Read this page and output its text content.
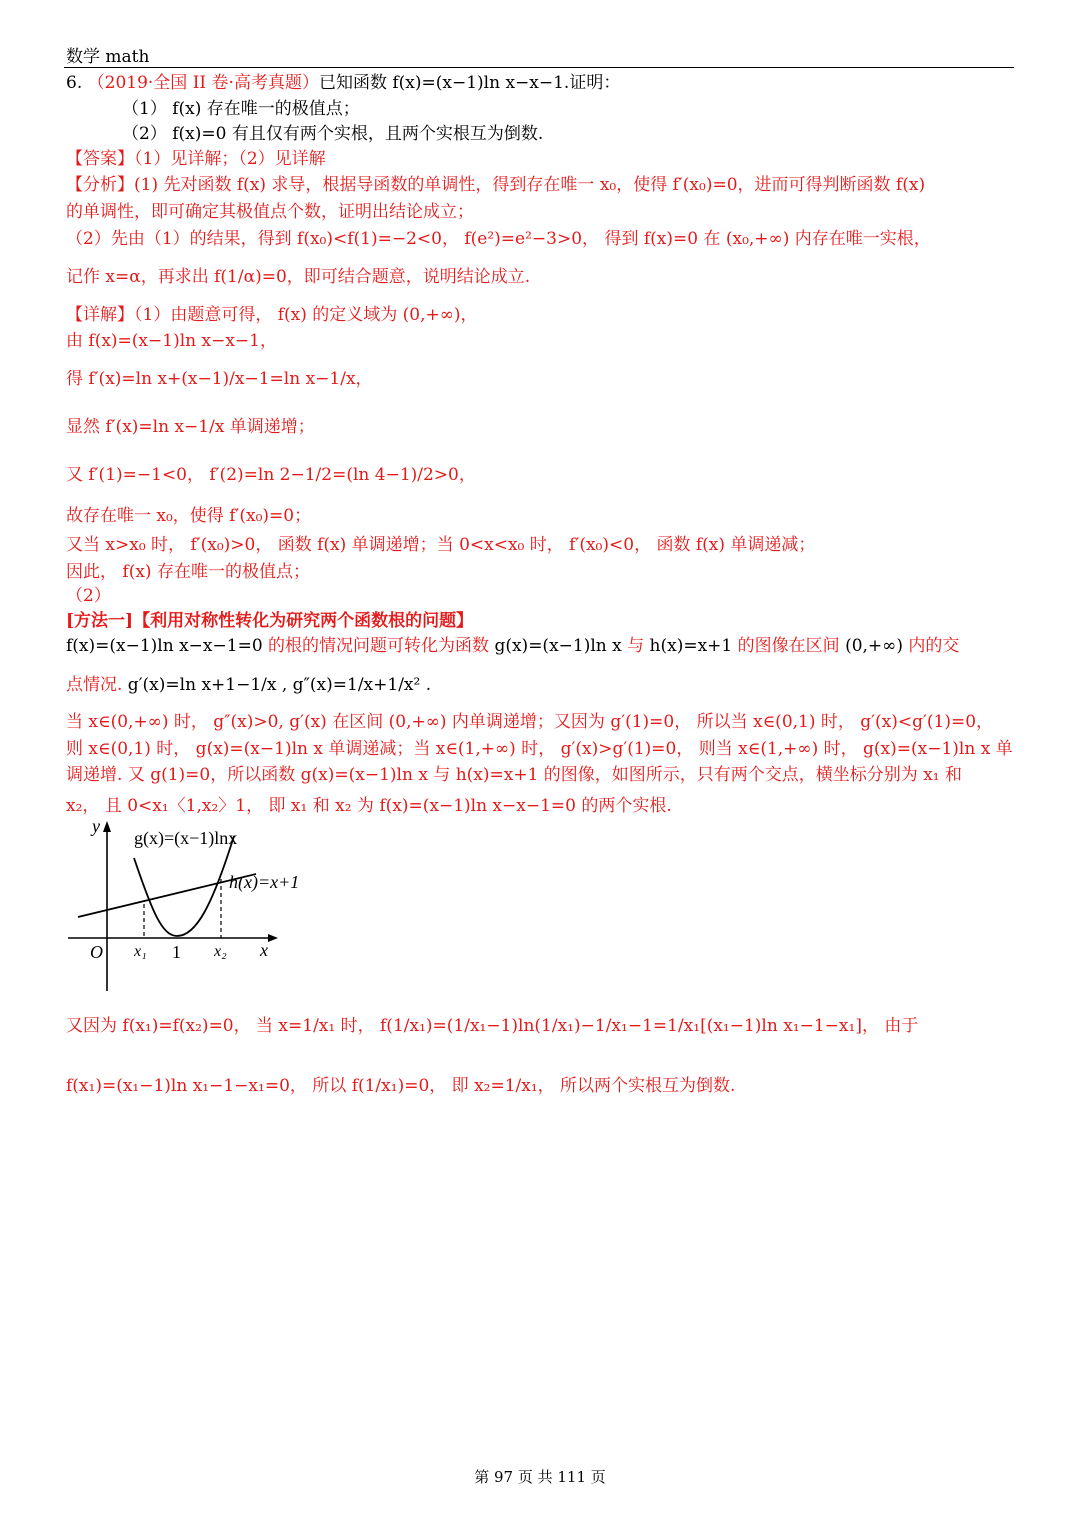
数学 math
6. （2019·全国 II 卷·高考真题）已知函数 f(x)=(x−1)ln x−x−1.证明：
（1） f(x) 存在唯一的极值点；
（2） f(x)=0 有且仅有两个实根，且两个实根互为倒数.
【答案】（1）见详解；（2）见详解
【分析】(1) 先对函数 f(x) 求导，根据导函数的单调性，得到存在唯一 x₀，使得 f′(x₀)=0，进而可得判断函数 f(x)
的单调性，即可确定其极值点个数，证明出结论成立；
（2）先由（1）的结果，得到 f(x₀)<f(1)=−2<0， f(e²)=e²−3>0， 得到 f(x)=0 在 (x₀,+∞) 内存在唯一实根，
记作 x=α，再求出 f(1/α)=0，即可结合题意，说明结论成立.
【详解】（1）由题意可得， f(x) 的定义域为 (0,+∞)，
由 f(x)=(x−1)ln x−x−1，
得 f′(x)=ln x+(x−1)/x−1=ln x−1/x，
显然 f′(x)=ln x−1/x 单调递增；
又 f′(1)=−1<0， f′(2)=ln 2−1/2=(ln 4−1)/2>0，
故存在唯一 x₀，使得 f′(x₀)=0；
又当 x>x₀ 时， f′(x₀)>0， 函数 f(x) 单调递增；当 0<x<x₀ 时， f′(x₀)<0， 函数 f(x) 单调递减；
因此， f(x) 存在唯一的极值点；
（2）
[方法一]【利用对称性转化为研究两个函数根的问题】
f(x)=(x−1)ln x−x−1=0 的根的情况问题可转化为函数 g(x)=(x−1)ln x 与 h(x)=x+1 的图像在区间 (0,+∞) 内的交
点情况. g′(x)=ln x+1−1/x , g″(x)=1/x+1/x² .
当 x∈(0,+∞) 时， g″(x)>0, g′(x) 在区间 (0,+∞) 内单调递增；又因为 g′(1)=0， 所以当 x∈(0,1) 时， g′(x)<g′(1)=0，
则 x∈(0,1) 时， g(x)=(x−1)ln x 单调递减；当 x∈(1,+∞) 时， g′(x)>g′(1)=0， 则当 x∈(1,+∞) 时， g(x)=(x−1)ln x 单
调递增. 又 g(1)=0，所以函数 g(x)=(x−1)ln x 与 h(x)=x+1 的图像，如图所示，只有两个交点，横坐标分别为 x₁ 和
x₂， 且 0<x₁〈1,x₂〉1， 即 x₁ 和 x₂ 为 f(x)=(x−1)ln x−x−1=0 的两个实根.
y
x
O
g(x)=(x−1)lnx
h(x)=x+1
x₁ 1 x₂
又因为 f(x₁)=f(x₂)=0， 当 x=1/x₁ 时， f(1/x₁)=(1/x₁−1)ln(1/x₁)−1/x₁−1=1/x₁[(x₁−1)ln x₁−1−x₁]， 由于
f(x₁)=(x₁−1)ln x₁−1−x₁=0， 所以 f(1/x₁)=0， 即 x₂=1/x₁， 所以两个实根互为倒数.
第 97 页 共 111 页
